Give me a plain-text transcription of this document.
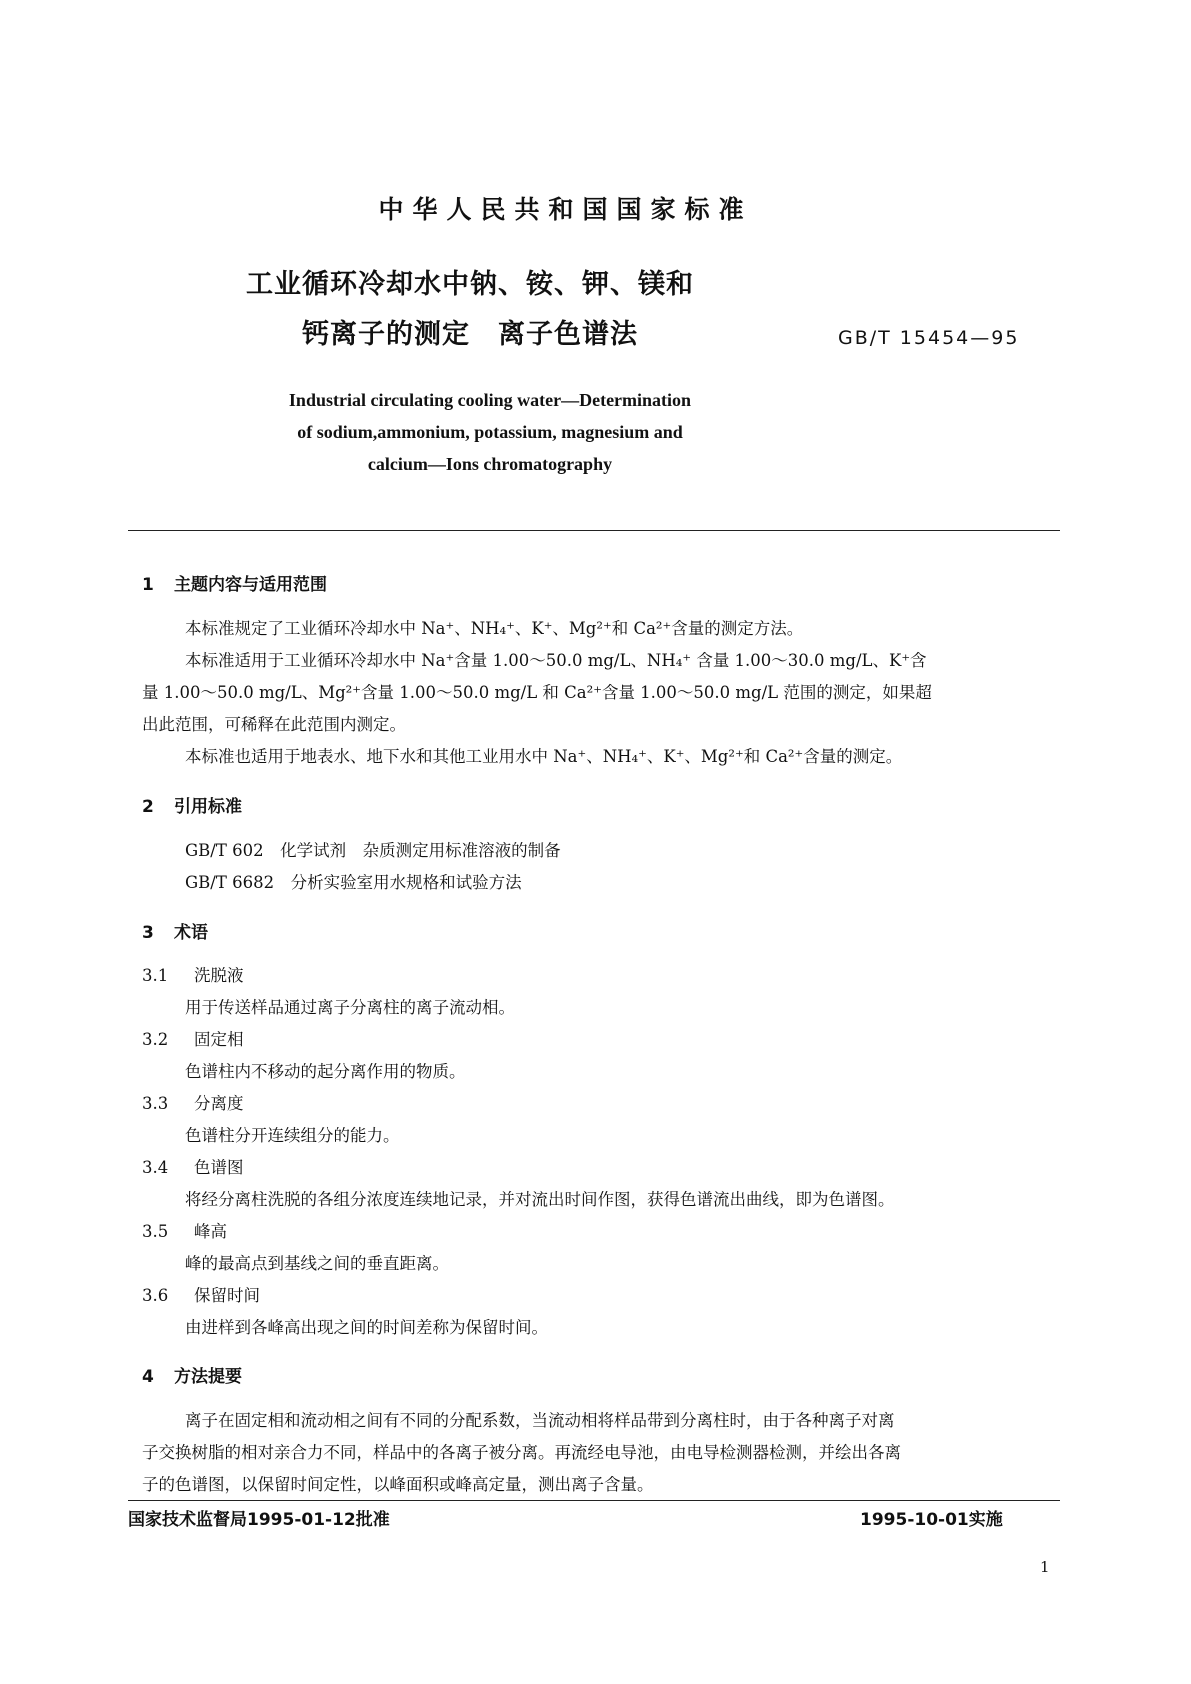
中华人民共和国国家标准
工业循环冷却水中钠、铵、钾、镁和
钙离子的测定　离子色谱法	GB/T 15454—95
Industrial circulating cooling water—Determination
of sodium,ammonium, potassium, magnesium and
calcium—Ions chromatography
1 主题内容与适用范围
本标准规定了工业循环冷却水中 Na⁺、NH₄⁺、K⁺、Mg²⁺和 Ca²⁺含量的测定方法。
本标准适用于工业循环冷却水中 Na⁺含量 1.00～50.0 mg/L、NH₄⁺ 含量 1.00～30.0 mg/L、K⁺含
量 1.00～50.0 mg/L、Mg²⁺含量 1.00～50.0 mg/L 和 Ca²⁺含量 1.00～50.0 mg/L 范围的测定，如果超
出此范围，可稀释在此范围内测定。
本标准也适用于地表水、地下水和其他工业用水中 Na⁺、NH₄⁺、K⁺、Mg²⁺和 Ca²⁺含量的测定。
2 引用标准
GB/T 602　化学试剂　杂质测定用标准溶液的制备
GB/T 6682　分析实验室用水规格和试验方法
3 术语
3.1 洗脱液
用于传送样品通过离子分离柱的离子流动相。
3.2 固定相
色谱柱内不移动的起分离作用的物质。
3.3 分离度
色谱柱分开连续组分的能力。
3.4 色谱图
将经分离柱洗脱的各组分浓度连续地记录，并对流出时间作图，获得色谱流出曲线，即为色谱图。
3.5 峰高
峰的最高点到基线之间的垂直距离。
3.6 保留时间
由进样到各峰高出现之间的时间差称为保留时间。
4 方法提要
离子在固定相和流动相之间有不同的分配系数，当流动相将样品带到分离柱时，由于各种离子对离
子交换树脂的相对亲合力不同，样品中的各离子被分离。再流经电导池，由电导检测器检测，并绘出各离
子的色谱图，以保留时间定性，以峰面积或峰高定量，测出离子含量。
国家技术监督局1995-01-12批准	1995-10-01实施
1
